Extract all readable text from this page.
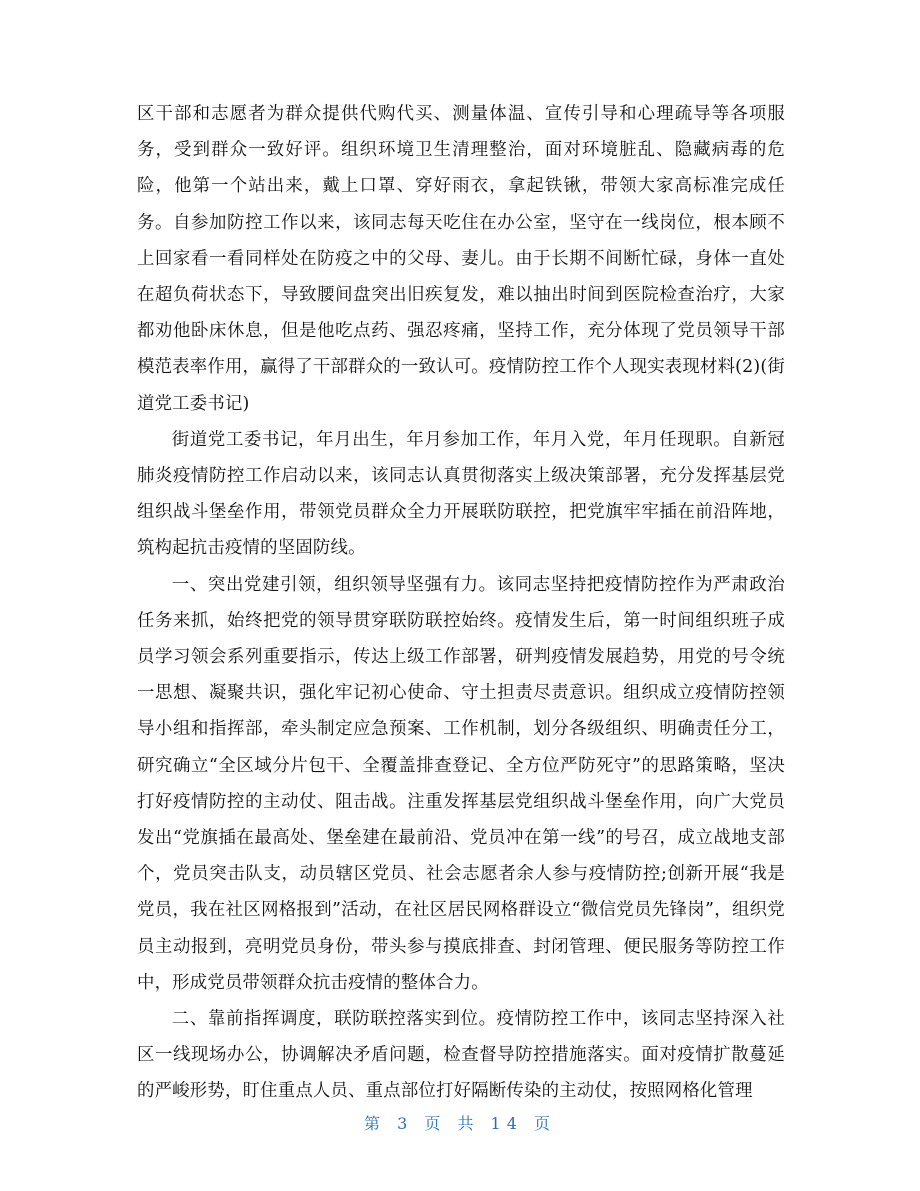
区干部和志愿者为群众提供代购代买、测量体温、宣传引导和心理疏导等各项服务，受到群众一致好评。组织环境卫生清理整治，面对环境脏乱、隐藏病毒的危险，他第一个站出来，戴上口罩、穿好雨衣，拿起铁锹，带领大家高标准完成任务。自参加防控工作以来，该同志每天吃住在办公室，坚守在一线岗位，根本顾不上回家看一看同样处在防疫之中的父母、妻儿。由于长期不间断忙碌，身体一直处在超负荷状态下，导致腰间盘突出旧疾复发，难以抽出时间到医院检查治疗，大家都劝他卧床休息，但是他吃点药、强忍疼痛，坚持工作，充分体现了党员领导干部模范表率作用，赢得了干部群众的一致认可。疫情防控工作个人现实表现材料(2)(街道党工委书记)

街道党工委书记，年月出生，年月参加工作，年月入党，年月任现职。自新冠肺炎疫情防控工作启动以来，该同志认真贯彻落实上级决策部署，充分发挥基层党组织战斗堡垒作用，带领党员群众全力开展联防联控，把党旗牢牢插在前沿阵地，筑构起抗击疫情的坚固防线。

一、突出党建引领，组织领导坚强有力。该同志坚持把疫情防控作为严肃政治任务来抓，始终把党的领导贯穿联防联控始终。疫情发生后，第一时间组织班子成员学习领会系列重要指示，传达上级工作部署，研判疫情发展趋势，用党的号令统一思想、凝聚共识，强化牢记初心使命、守土担责尽责意识。组织成立疫情防控领导小组和指挥部，牵头制定应急预案、工作机制，划分各级组织、明确责任分工，研究确立“全区域分片包干、全覆盖排查登记、全方位严防死守”的思路策略，坚决打好疫情防控的主动仗、阻击战。注重发挥基层党组织战斗堡垒作用，向广大党员发出“党旗插在最高处、堡垒建在最前沿、党员冲在第一线”的号召，成立战地支部个，党员突击队支，动员辖区党员、社会志愿者余人参与疫情防控;创新开展“我是党员，我在社区网格报到”活动，在社区居民网格群设立“微信党员先锋岗”，组织党员主动报到，亮明党员身份，带头参与摸底排查、封闭管理、便民服务等防控工作中，形成党员带领群众抗击疫情的整体合力。

二、靠前指挥调度，联防联控落实到位。疫情防控工作中，该同志坚持深入社区一线现场办公，协调解决矛盾问题，检查督导防控措施落实。面对疫情扩散蔓延的严峻形势，盯住重点人员、重点部位打好隔断传染的主动仗，按照网格化管理

第 3 页 共 14 页
